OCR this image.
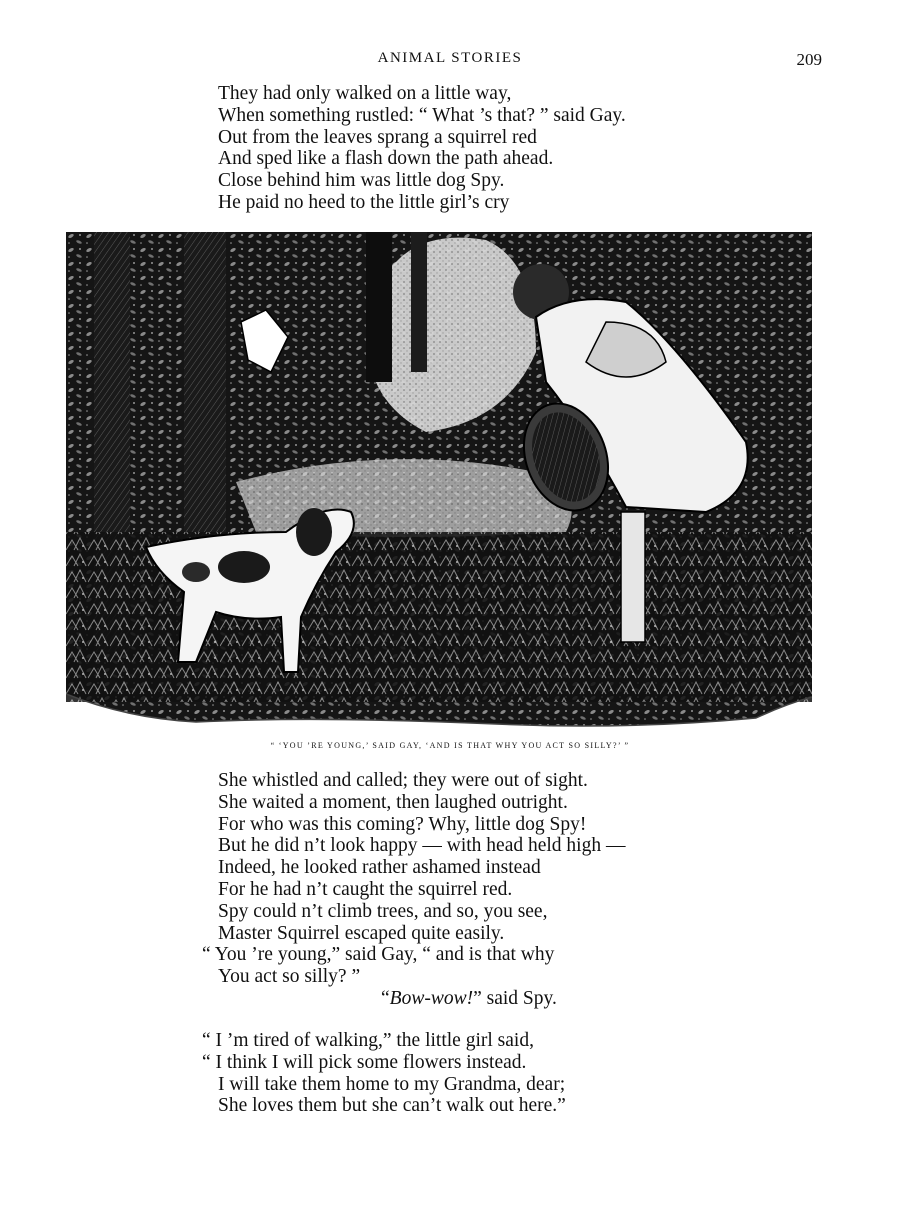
ANIMAL STORIES	209
They had only walked on a little way,
When something rustled: “ What ’s that? ” said Gay.
Out from the leaves sprang a squirrel red
And sped like a flash down the path ahead.
Close behind him was little dog Spy.
He paid no heed to the little girl’s cry
“ ‘YOU ’RE YOUNG,’ SAID GAY, ‘AND IS THAT WHY YOU ACT SO SILLY?’ ”
She whistled and called; they were out of sight.
She waited a moment, then laughed outright.
For who was this coming? Why, little dog Spy!
But he did n’t look happy — with head held high —
Indeed, he looked rather ashamed instead
For he had n’t caught the squirrel red.
Spy could n’t climb trees, and so, you see,
Master Squirrel escaped quite easily.
“ You ’re young,” said Gay, “ and is that why
You act so silly? ”
“Bow-wow!” said Spy.
“ I ’m tired of walking,” the little girl said,
“ I think I will pick some flowers instead.
I will take them home to my Grandma, dear;
She loves them but she can’t walk out here.”
